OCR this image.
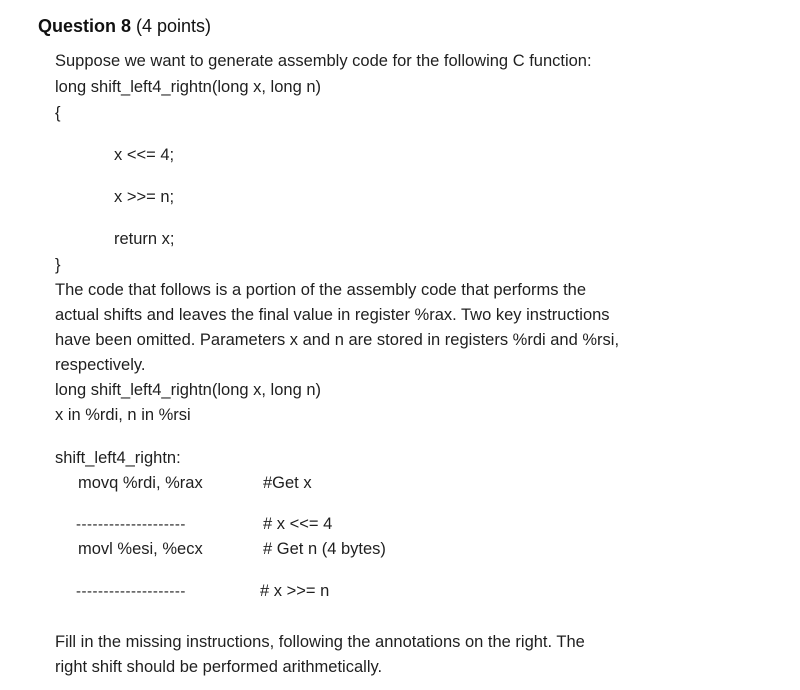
Question 8 (4 points)
Suppose we want to generate assembly code for the following C function:
long shift_left4_rightn(long x, long n)
{
x <<= 4;
x >>= n;
return x;
}
The code that follows is a portion of the assembly code that performs the
actual shifts and leaves the final value in register %rax. Two key instructions
have been omitted. Parameters x and n are stored in registers %rdi and %rsi,
respectively.
long shift_left4_rightn(long x, long n)
x in %rdi, n in %rsi
shift_left4_rightn:
movq %rdi, %rax	#Get x
--------------------	# x <<= 4
movl %esi, %ecx	# Get n (4 bytes)
--------------------	# x >>= n
Fill in the missing instructions, following the annotations on the right. The
right shift should be performed arithmetically.
